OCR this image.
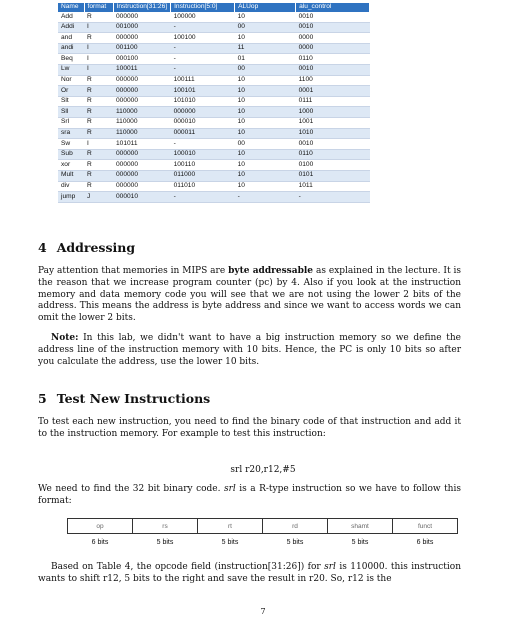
Name	format	Instruction[31:26]	Instruction[5:0]	ALUop	alu_control
Add	R	000000	100000	10	0010
Addi	I	001000	-	00	0010
and	R	000000	100100	10	0000
andi	I	001100	-	11	0000
Beq	I	000100	-	01	0110
Lw	I	100011	-	00	0010
Nor	R	000000	100111	10	1100
Or	R	000000	100101	10	0001
Slt	R	000000	101010	10	0111
Sll	R	110000	000000	10	1000
Srl	R	110000	000010	10	1001
sra	R	110000	000011	10	1010
Sw	I	101011	-	00	0010
Sub	R	000000	100010	10	0110
xor	R	000000	100110	10	0100
Mult	R	000000	011000	10	0101
div	R	000000	011010	10	1011
jump	J	000010	-	-	-
4 Addressing
Pay attention that memories in MIPS are byte addressable as explained in the lecture. It is the reason that we increase program counter (pc) by 4. Also if you look at the instruction memory and data memory code you will see that we are not using the lower 2 bits of the address. This means the address is byte address and since we want to access words we can omit the lower 2 bits.
Note: In this lab, we didn't want to have a big instruction memory so we define the address line of the instruction memory with 10 bits. Hence, the PC is only 10 bits so after you calculate the address, use the lower 10 bits.
5 Test New Instructions
To test each new instruction, you need to find the binary code of that instruction and add it to the instruction memory. For example to test this instruction:
srl r20,r12,#5
We need to find the 32 bit binary code. srl is a R-type instruction so we have to follow this format:
op	rs	rt	rd	shamt	funct
6 bits	5 bits	5 bits	5 bits	5 bits	6 bits
Based on Table 4, the opcode field (instruction[31:26]) for srl is 110000. this instruction wants to shift r12, 5 bits to the right and save the result in r20. So, r12 is the
7
